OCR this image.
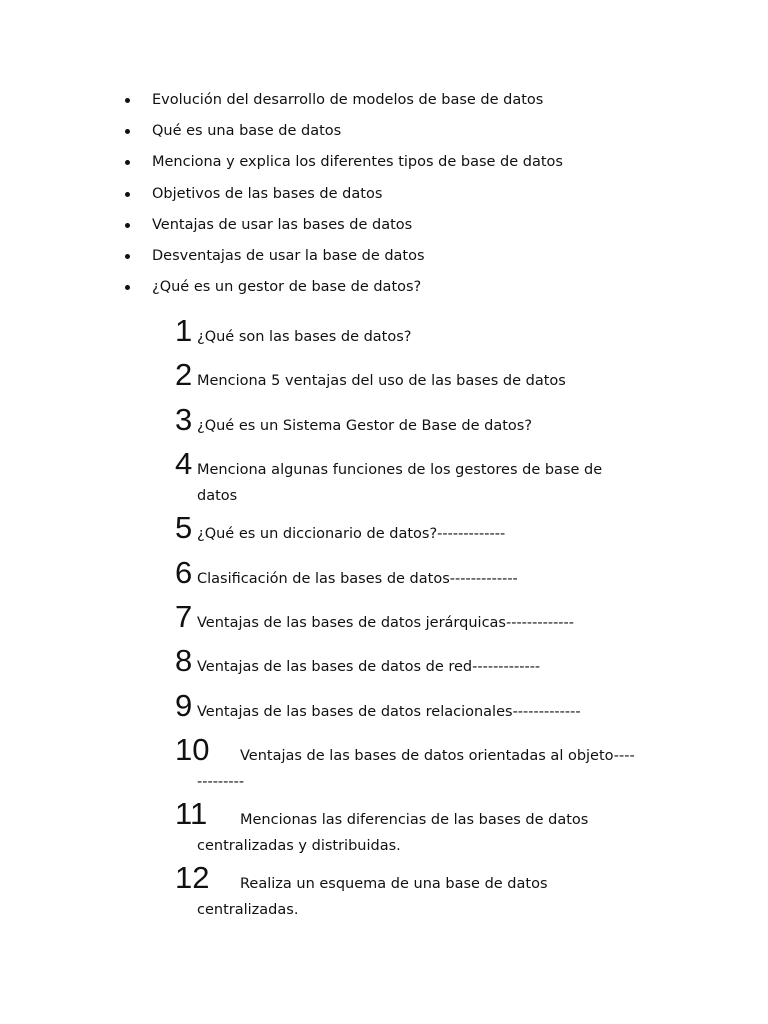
Evolución del desarrollo de modelos de base de datos
Qué es una base de datos
Menciona y explica los diferentes tipos de base de datos
Objetivos de las bases de datos
Ventajas de usar las bases de datos
Desventajas de usar la base de datos
¿Qué es un gestor de base de datos?
1 ¿Qué son las bases de datos?
2 Menciona 5 ventajas del uso de las bases de datos
3 ¿Qué es un Sistema Gestor de Base de datos?
4 Menciona algunas funciones de los gestores de base de datos
5 ¿Qué es un diccionario de datos?-------------
6 Clasificación de las bases de datos-------------
7 Ventajas de las bases de datos jerárquicas-------------
8 Ventajas de las bases de datos de red-------------
9 Ventajas de las bases de datos relacionales-------------
10	Ventajas de las bases de datos orientadas al objeto-------------
11	Mencionas las diferencias de las bases de datos centralizadas y distribuidas.
12	Realiza un esquema de una base de datos centralizadas.
